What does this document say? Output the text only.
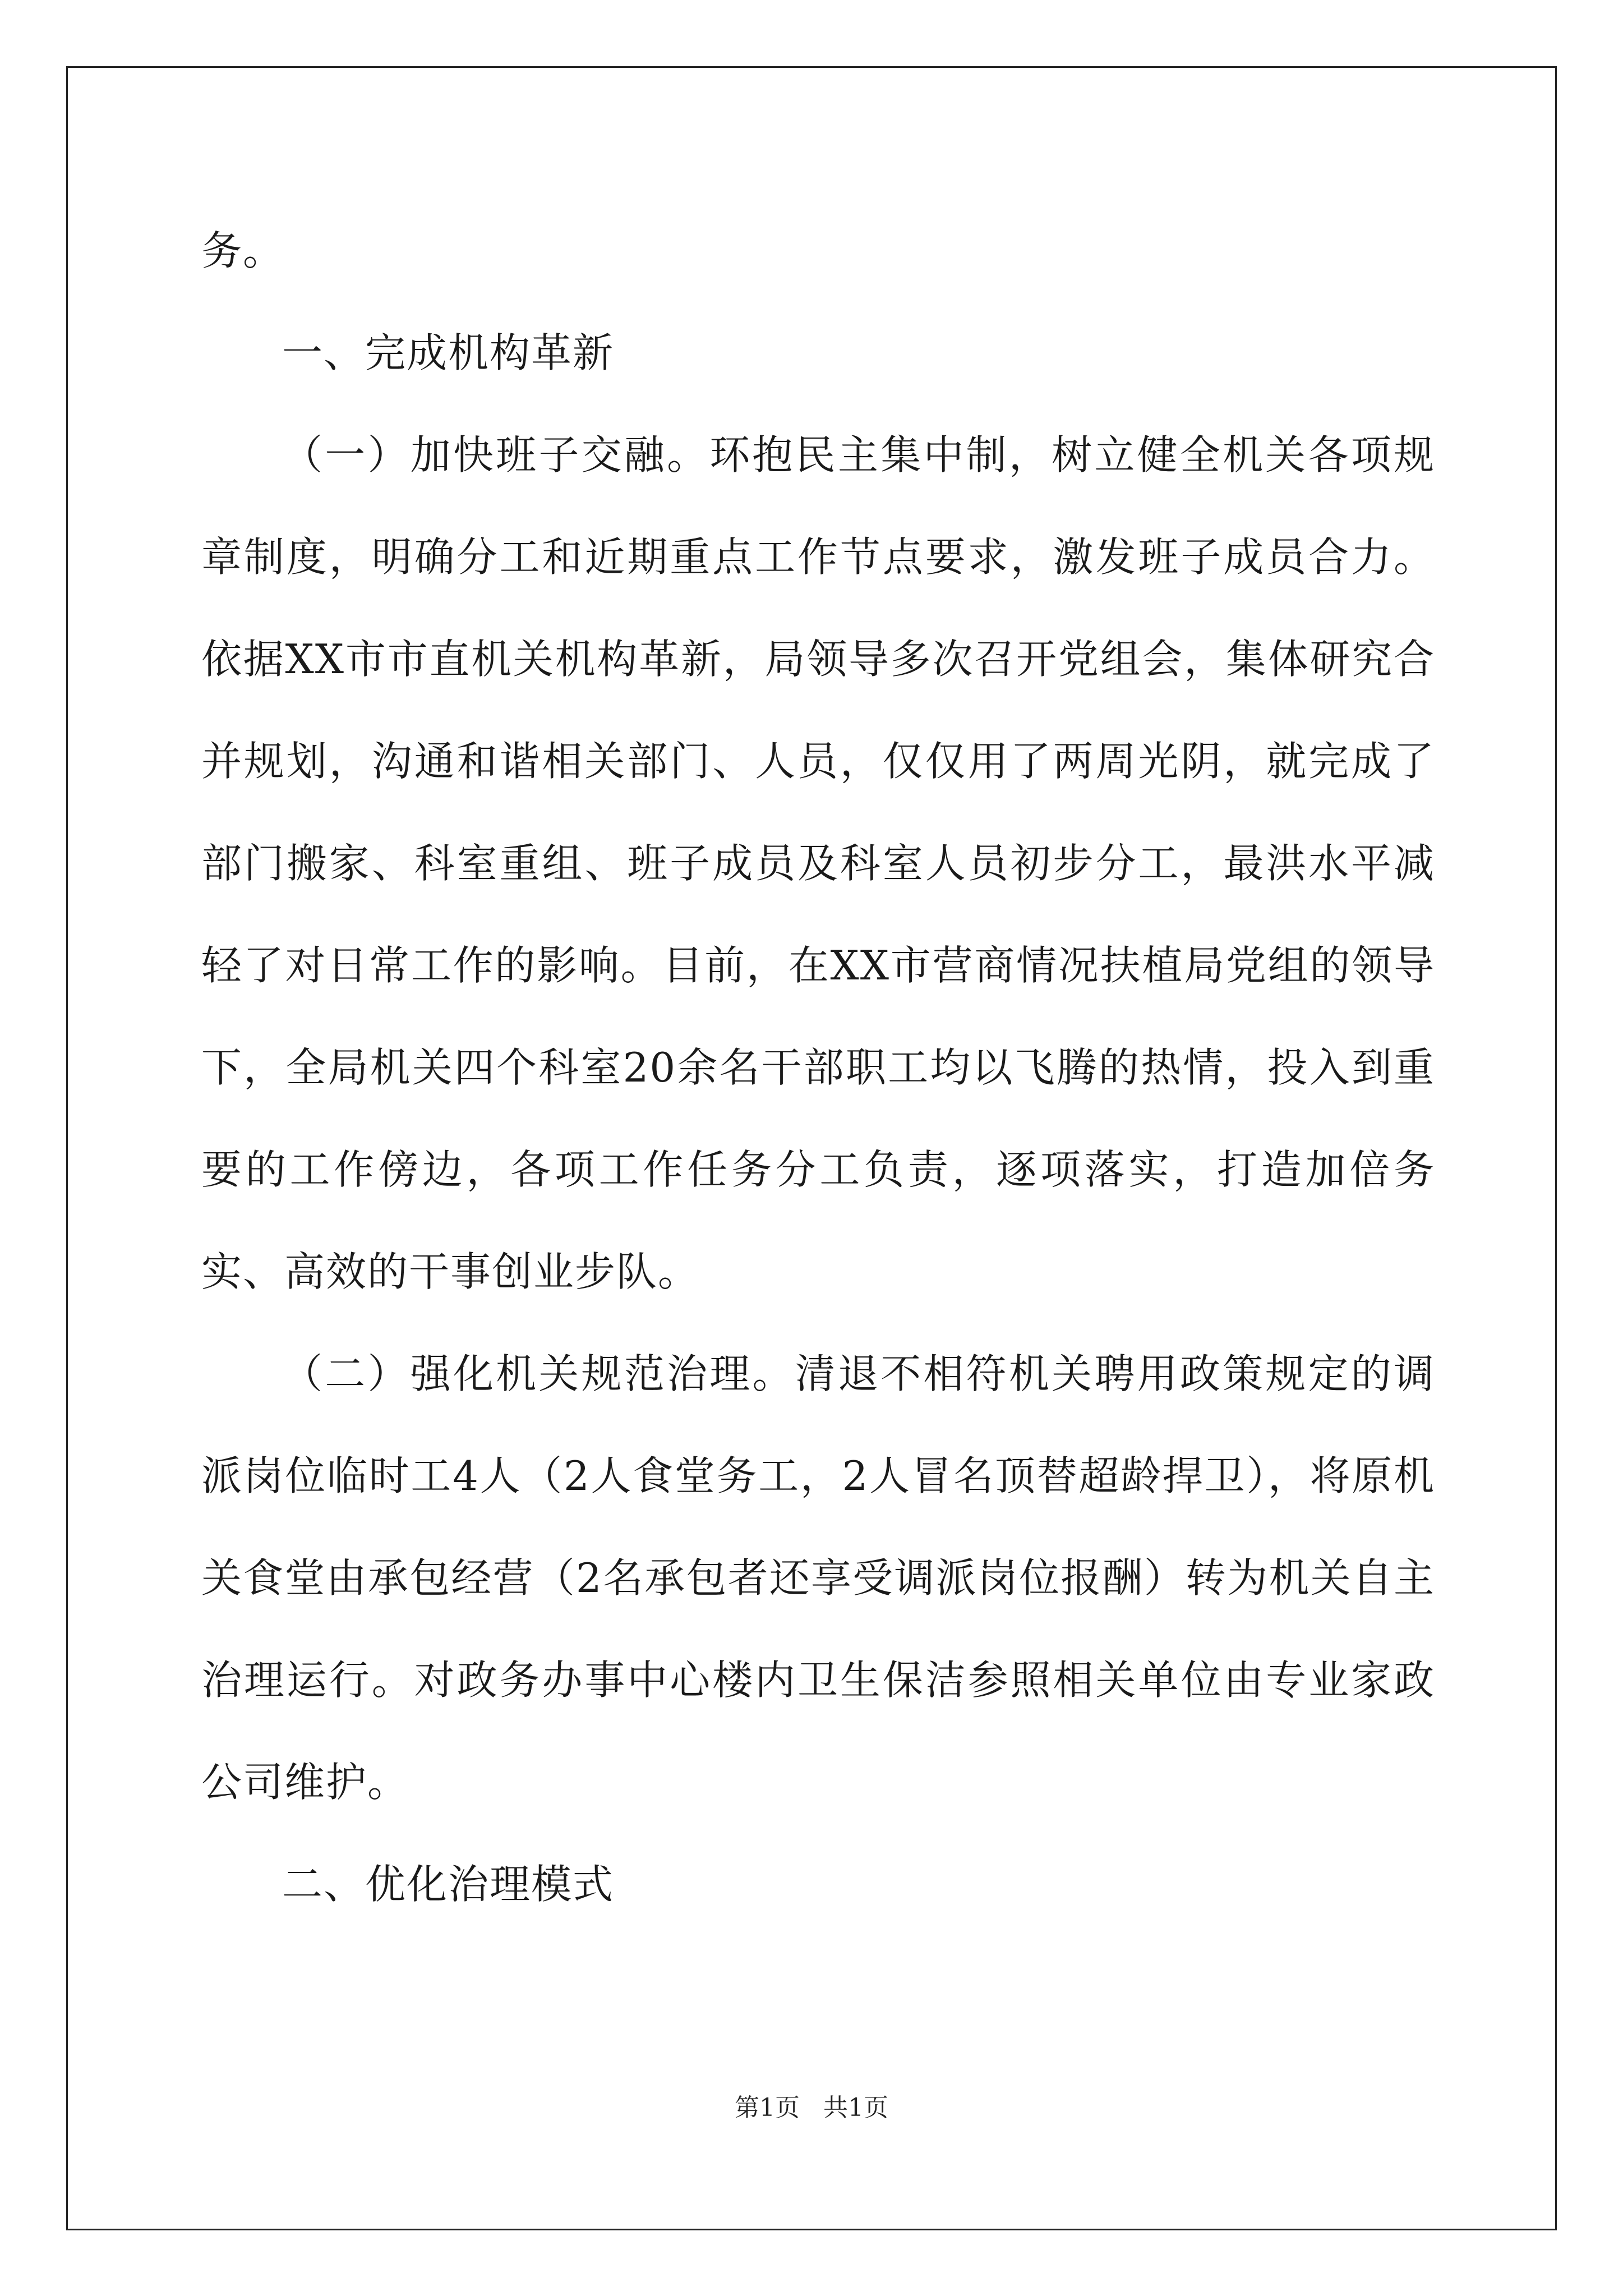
务。

一、完成机构革新

（一）加快班子交融。环抱民主集中制，树立健全机关各项规章制度，明确分工和近期重点工作节点要求，激发班子成员合力。依据XX市市直机关机构革新，局领导多次召开党组会，集体研究合并规划，沟通和谐相关部门、人员，仅仅用了两周光阴，就完成了部门搬家、科室重组、班子成员及科室人员初步分工，最洪水平减轻了对日常工作的影响。目前，在XX市营商情况扶植局党组的领导下，全局机关四个科室20余名干部职工均以飞腾的热情，投入到重要的工作傍边，各项工作任务分工负责，逐项落实，打造加倍务实、高效的干事创业步队。

（二）强化机关规范治理。清退不相符机关聘用政策规定的调派岗位临时工4人（2人食堂务工，2人冒名顶替超龄捍卫），将原机关食堂由承包经营（2名承包者还享受调派岗位报酬）转为机关自主治理运行。对政务办事中心楼内卫生保洁参照相关单位由专业家政公司维护。

二、优化治理模式

第1页 共1页
